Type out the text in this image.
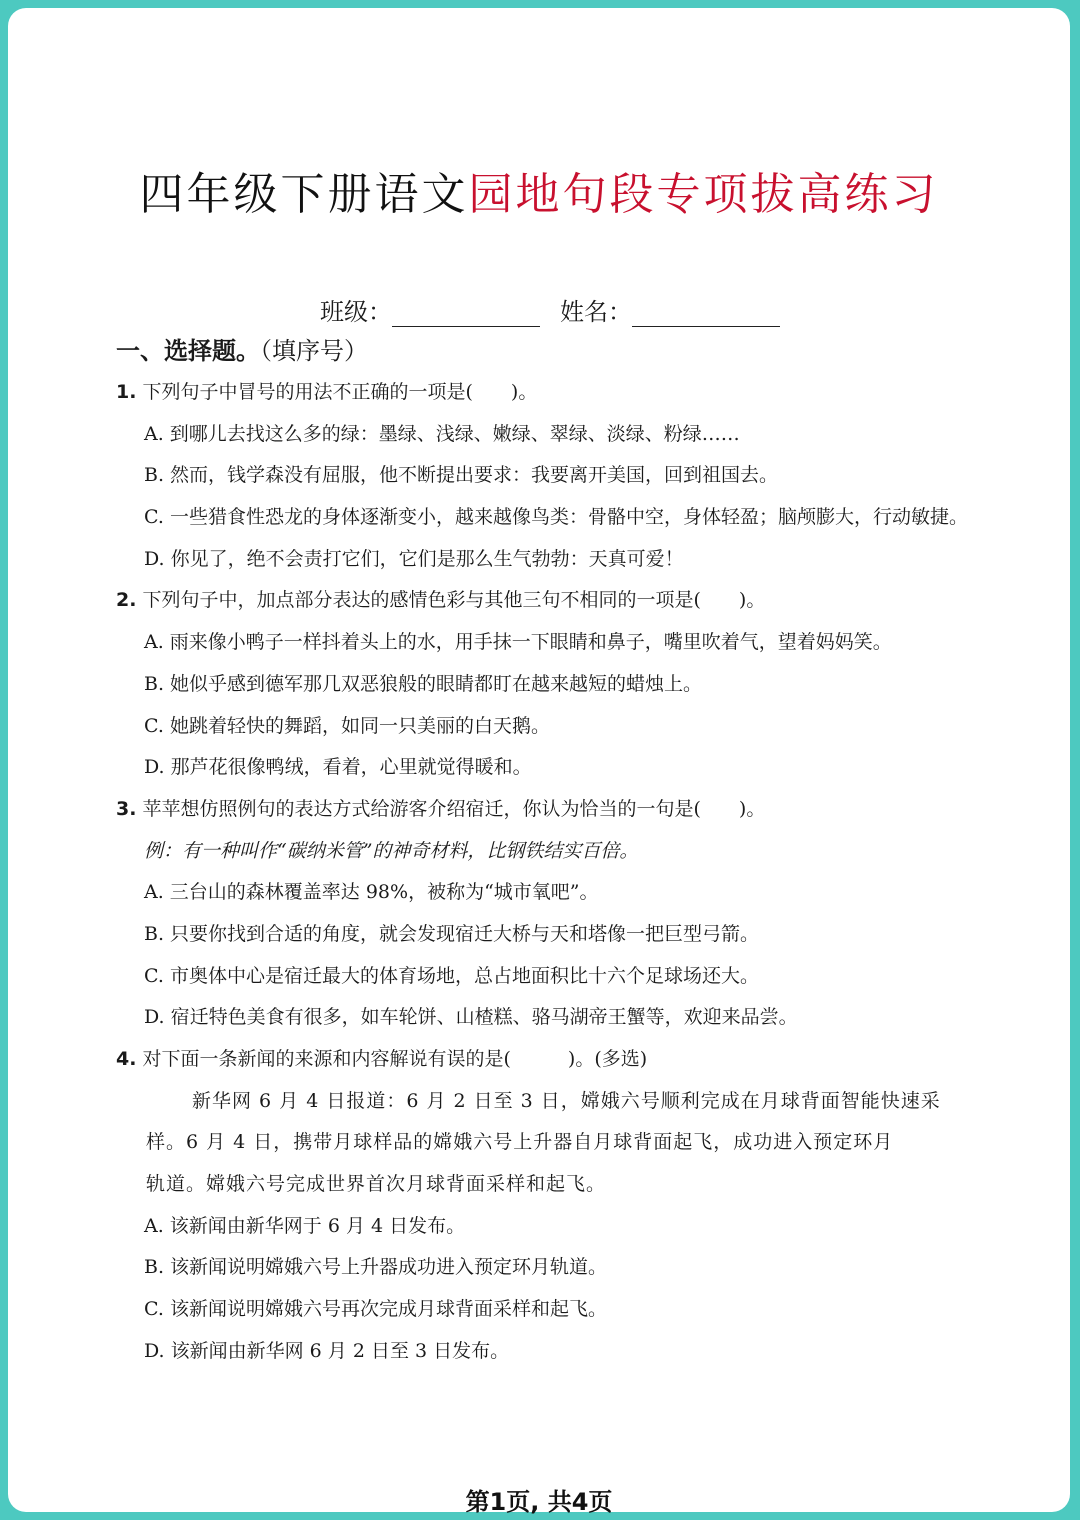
四年级下册语文园地句段专项拔高练习
班级：	姓名：
一、选择题。（填序号）
1. 下列句子中冒号的用法不正确的一项是(　　)。
A. 到哪儿去找这么多的绿：墨绿、浅绿、嫩绿、翠绿、淡绿、粉绿……
B. 然而，钱学森没有屈服，他不断提出要求：我要离开美国，回到祖国去。
C. 一些猎食性恐龙的身体逐渐变小，越来越像鸟类：骨骼中空，身体轻盈；脑颅膨大，行动敏捷。
D. 你见了，绝不会责打它们，它们是那么生气勃勃：天真可爱！
2. 下列句子中，加点部分表达的感情色彩与其他三句不相同的一项是(　　)。
A. 雨来像小鸭子一样抖着头上的水，用手抹一下眼睛和鼻子，嘴里吹着气，望着妈妈笑。
B. 她似乎感到德军那几双恶狼般的眼睛都盯在越来越短的蜡烛上。
C. 她跳着轻快的舞蹈，如同一只美丽的白天鹅。
D. 那芦花很像鸭绒，看着，心里就觉得暖和。
3. 苹苹想仿照例句的表达方式给游客介绍宿迁，你认为恰当的一句是(　　)。
例：有一种叫作“碳纳米管”的神奇材料，比钢铁结实百倍。
A. 三台山的森林覆盖率达 98%，被称为“城市氧吧”。
B. 只要你找到合适的角度，就会发现宿迁大桥与天和塔像一把巨型弓箭。
C. 市奥体中心是宿迁最大的体育场地，总占地面积比十六个足球场还大。
D. 宿迁特色美食有很多，如车轮饼、山楂糕、骆马湖帝王蟹等，欢迎来品尝。
4. 对下面一条新闻的来源和内容解说有误的是(　　　)。(多选)
新华网 6 月 4 日报道：6 月 2 日至 3 日，嫦娥六号顺利完成在月球背面智能快速采
样。6 月 4 日，携带月球样品的嫦娥六号上升器自月球背面起飞，成功进入预定环月
轨道。嫦娥六号完成世界首次月球背面采样和起飞。
A. 该新闻由新华网于 6 月 4 日发布。
B. 该新闻说明嫦娥六号上升器成功进入预定环月轨道。
C. 该新闻说明嫦娥六号再次完成月球背面采样和起飞。
D. 该新闻由新华网 6 月 2 日至 3 日发布。
第1页, 共4页
